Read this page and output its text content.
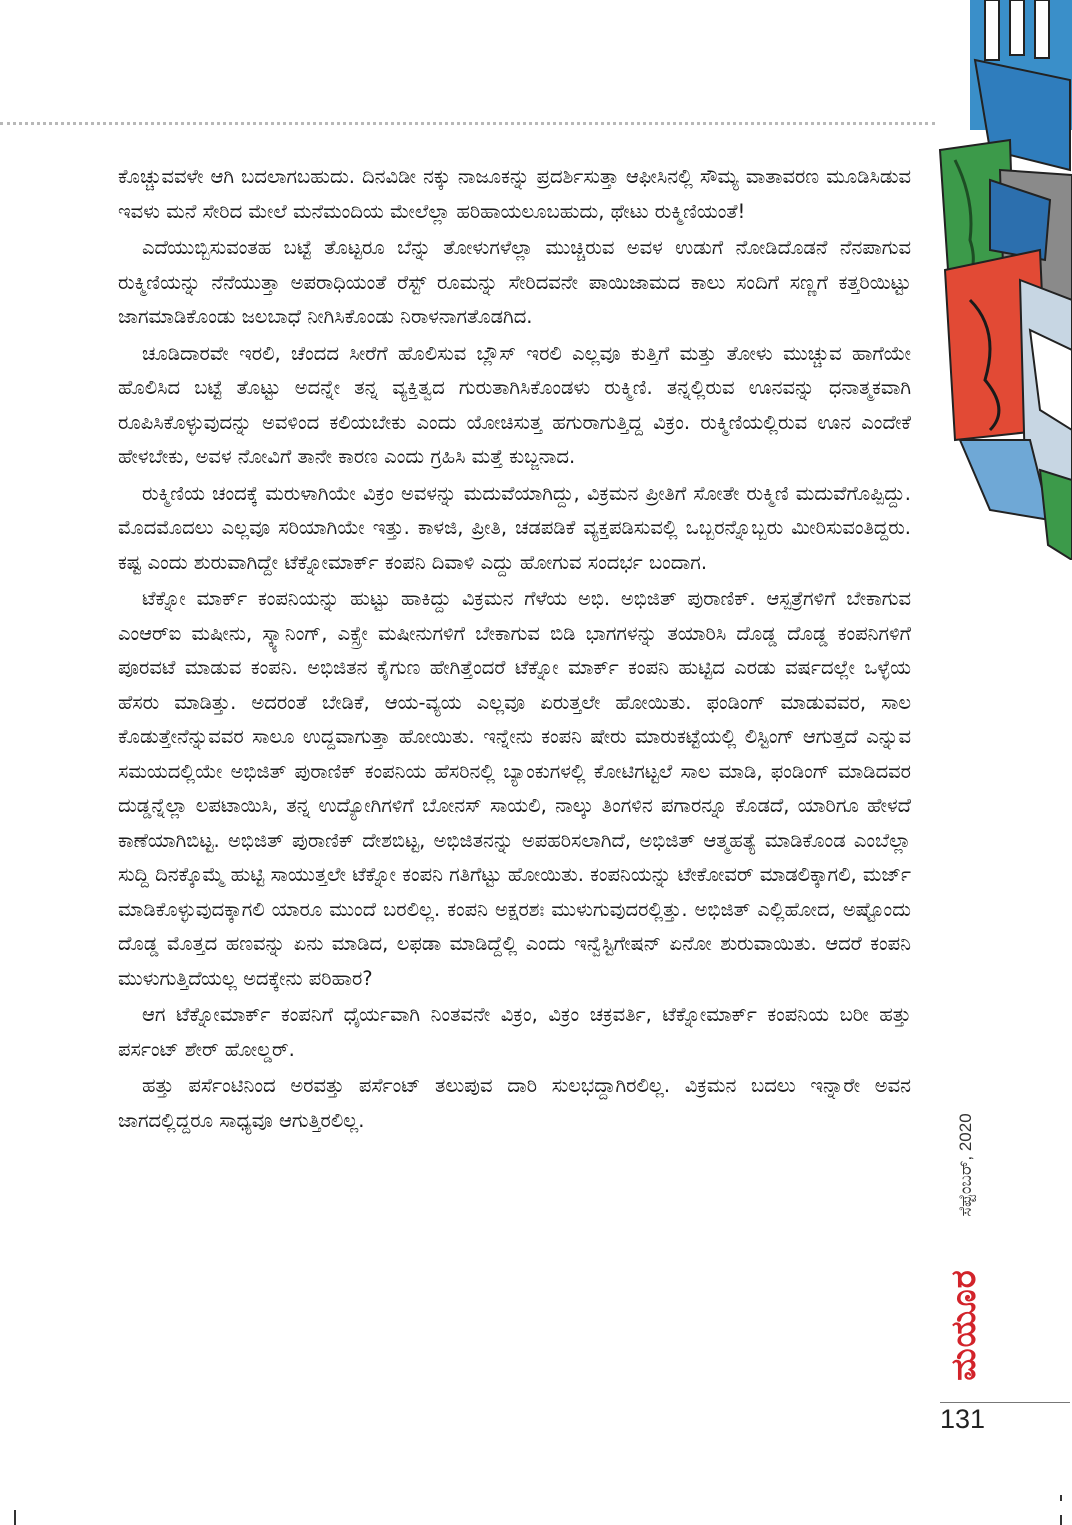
ಕೊಚ್ಚುವವಳೇ ಆಗಿ ಬದಲಾಗಬಹುದು. ದಿನವಿಡೀ ನಕ್ಕು ನಾಜೂಕನ್ನು ಪ್ರದರ್ಶಿಸುತ್ತಾ ಆಫೀಸಿನಲ್ಲಿ ಸೌಮ್ಯ ವಾತಾವರಣ ಮೂಡಿಸಿಡುವ ಇವಳು ಮನೆ ಸೇರಿದ ಮೇಲೆ ಮನೆಮಂದಿಯ ಮೇಲೆಲ್ಲಾ ಹರಿಹಾಯಲೂಬಹುದು, ಥೇಟು ರುಕ್ಮಿಣಿಯಂತೆ!

ಎದೆಯುಬ್ಬಿಸುವಂತಹ ಬಟ್ಟೆ ತೊಟ್ಟರೂ ಬೆನ್ನು ತೋಳುಗಳೆಲ್ಲಾ ಮುಚ್ಚಿರುವ ಅವಳ ಉಡುಗೆ ನೋಡಿದೊಡನೆ ನೆನಪಾಗುವ ರುಕ್ಮಿಣಿಯನ್ನು ನೆನೆಯುತ್ತಾ ಅಪರಾಧಿಯಂತೆ ರೆಸ್ಟ್ ರೂಮನ್ನು ಸೇರಿದವನೇ ಪಾಯಿಜಾಮದ ಕಾಲು ಸಂದಿಗೆ ಸಣ್ಣಗೆ ಕತ್ತರಿಯಿಟ್ಟು ಜಾಗಮಾಡಿಕೊಂಡು ಜಲಬಾಧೆ ನೀಗಿಸಿಕೊಂಡು ನಿರಾಳನಾಗತೊಡಗಿದ.

ಚೂಡಿದಾರವೇ ಇರಲಿ, ಚೆಂದದ ಸೀರೆಗೆ ಹೊಲಿಸುವ ಬ್ಲೌಸ್ ಇರಲಿ ಎಲ್ಲವೂ ಕುತ್ತಿಗೆ ಮತ್ತು ತೋಳು ಮುಚ್ಚುವ ಹಾಗೆಯೇ ಹೊಲಿಸಿದ ಬಟ್ಟೆ ತೊಟ್ಟು ಅದನ್ನೇ ತನ್ನ ವ್ಯಕ್ತಿತ್ವದ ಗುರುತಾಗಿಸಿಕೊಂಡಳು ರುಕ್ಮಿಣಿ. ತನ್ನಲ್ಲಿರುವ ಊನವನ್ನು ಧನಾತ್ಮಕವಾಗಿ ರೂಪಿಸಿಕೊಳ್ಳುವುದನ್ನು ಅವಳಿಂದ ಕಲಿಯಬೇಕು ಎಂದು ಯೋಚಿಸುತ್ತ ಹಗುರಾಗುತ್ತಿದ್ದ ವಿಕ್ರಂ. ರುಕ್ಮಿಣಿಯಲ್ಲಿರುವ ಊನ ಎಂದೇಕೆ ಹೇಳಬೇಕು, ಅವಳ ನೋವಿಗೆ ತಾನೇ ಕಾರಣ ಎಂದು ಗ್ರಹಿಸಿ ಮತ್ತೆ ಕುಬ್ಜನಾದ.

ರುಕ್ಮಿಣಿಯ ಚಂದಕ್ಕೆ ಮರುಳಾಗಿಯೇ ವಿಕ್ರಂ ಅವಳನ್ನು ಮದುವೆಯಾಗಿದ್ದು, ವಿಕ್ರಮನ ಪ್ರೀತಿಗೆ ಸೋತೇ ರುಕ್ಮಿಣಿ ಮದುವೆಗೊಪ್ಪಿದ್ದು. ಮೊದಮೊದಲು ಎಲ್ಲವೂ ಸರಿಯಾಗಿಯೇ ಇತ್ತು. ಕಾಳಜಿ, ಪ್ರೀತಿ, ಚಡಪಡಿಕೆ ವ್ಯಕ್ತಪಡಿಸುವಲ್ಲಿ ಒಬ್ಬರನ್ನೊಬ್ಬರು ಮೀರಿಸುವಂತಿದ್ದರು. ಕಷ್ಟ ಎಂದು ಶುರುವಾಗಿದ್ದೇ ಟೆಕ್ನೋಮಾರ್ಕ್ ಕಂಪನಿ ದಿವಾಳಿ ಎದ್ದು ಹೋಗುವ ಸಂದರ್ಭ ಬಂದಾಗ.

ಟೆಕ್ನೋ ಮಾರ್ಕ್ ಕಂಪನಿಯನ್ನು ಹುಟ್ಟು ಹಾಕಿದ್ದು ವಿಕ್ರಮನ ಗೆಳೆಯ ಅಭಿ. ಅಭಿಜಿತ್ ಪುರಾಣಿಕ್. ಆಸ್ಪತ್ರೆಗಳಿಗೆ ಬೇಕಾಗುವ ಎಂಆರ್‌ಐ ಮಷೀನು, ಸ್ಕ್ಯಾನಿಂಗ್, ಎಕ್ಸ್ರೇ ಮಷೀನುಗಳಿಗೆ ಬೇಕಾಗುವ ಬಿಡಿ ಭಾಗಗಳನ್ನು ತಯಾರಿಸಿ ದೊಡ್ಡ ದೊಡ್ಡ ಕಂಪನಿಗಳಿಗೆ ಪೂರವಟೆ ಮಾಡುವ ಕಂಪನಿ. ಅಭಿಜಿತನ ಕೈಗುಣ ಹೇಗಿತ್ತೆಂದರೆ ಟೆಕ್ನೋ ಮಾರ್ಕ್ ಕಂಪನಿ ಹುಟ್ಟಿದ ಎರಡು ವರ್ಷದಲ್ಲೇ ಒಳ್ಳೆಯ ಹೆಸರು ಮಾಡಿತ್ತು. ಅದರಂತೆ ಬೇಡಿಕೆ, ಆಯ-ವ್ಯಯ ಎಲ್ಲವೂ ಏರುತ್ತಲೇ ಹೋಯಿತು. ಫಂಡಿಂಗ್ ಮಾಡುವವರ, ಸಾಲ ಕೊಡುತ್ತೇನೆನ್ನುವವರ ಸಾಲೂ ಉದ್ದವಾಗುತ್ತಾ ಹೋಯಿತು. ಇನ್ನೇನು ಕಂಪನಿ ಷೇರು ಮಾರುಕಟ್ಟೆಯಲ್ಲಿ ಲಿಸ್ಟಿಂಗ್ ಆಗುತ್ತದೆ ಎನ್ನುವ ಸಮಯದಲ್ಲಿಯೇ ಅಭಿಜಿತ್ ಪುರಾಣಿಕ್ ಕಂಪನಿಯ ಹೆಸರಿನಲ್ಲಿ ಬ್ಯಾಂಕುಗಳಲ್ಲಿ ಕೋಟಿಗಟ್ಟಲೆ ಸಾಲ ಮಾಡಿ, ಫಂಡಿಂಗ್ ಮಾಡಿದವರ ದುಡ್ಡನ್ನೆಲ್ಲಾ ಲಪಟಾಯಿಸಿ, ತನ್ನ ಉದ್ಯೋಗಿಗಳಿಗೆ ಬೋನಸ್ ಸಾಯಲಿ, ನಾಲ್ಕು ತಿಂಗಳಿನ ಪಗಾರನ್ನೂ ಕೊಡದೆ, ಯಾರಿಗೂ ಹೇಳದೆ ಕಾಣೆಯಾಗಿಬಿಟ್ಟ. ಅಭಿಜಿತ್ ಪುರಾಣಿಕ್ ದೇಶಬಿಟ್ಟ, ಅಭಿಜಿತನನ್ನು ಅಪಹರಿಸಲಾಗಿದೆ, ಅಭಿಜಿತ್ ಆತ್ಮಹತ್ಯೆ ಮಾಡಿಕೊಂಡ ಎಂಬೆಲ್ಲಾ ಸುದ್ದಿ ದಿನಕ್ಕೊಮ್ಮೆ ಹುಟ್ಟಿ ಸಾಯುತ್ತಲೇ ಟೆಕ್ನೋ ಕಂಪನಿ ಗತಿಗೆಟ್ಟು ಹೋಯಿತು. ಕಂಪನಿಯನ್ನು ಟೇಕೋವರ್ ಮಾಡಲಿಕ್ಕಾಗಲಿ, ಮರ್ಜ್ ಮಾಡಿಕೊಳ್ಳುವುದಕ್ಕಾಗಲಿ ಯಾರೂ ಮುಂದೆ ಬರಲಿಲ್ಲ. ಕಂಪನಿ ಅಕ್ಷರಶಃ ಮುಳುಗುವುದರಲ್ಲಿತ್ತು. ಅಭಿಜಿತ್ ಎಲ್ಲಿಹೋದ, ಅಷ್ಟೊಂದು ದೊಡ್ಡ ಮೊತ್ತದ ಹಣವನ್ನು ಏನು ಮಾಡಿದ, ಲಫಡಾ ಮಾಡಿದ್ದೆಲ್ಲಿ ಎಂದು ಇನ್ವೆಸ್ಟಿಗೇಷನ್ ಏನೋ ಶುರುವಾಯಿತು. ಆದರೆ ಕಂಪನಿ ಮುಳುಗುತ್ತಿದೆಯಲ್ಲ ಅದಕ್ಕೇನು ಪರಿಹಾರ?

ಆಗ ಟೆಕ್ನೋಮಾರ್ಕ್ ಕಂಪನಿಗೆ ಧೈರ್ಯವಾಗಿ ನಿಂತವನೇ ವಿಕ್ರಂ, ವಿಕ್ರಂ ಚಕ್ರವರ್ತಿ, ಟೆಕ್ನೋಮಾರ್ಕ್ ಕಂಪನಿಯ ಬರೀ ಹತ್ತು ಪರ್ಸಂಟ್ ಶೇರ್ ಹೋಲ್ಡರ್.

ಹತ್ತು ಪರ್ಸೆಂಟಿನಿಂದ ಅರವತ್ತು ಪರ್ಸೆಂಟ್ ತಲುಪುವ ದಾರಿ ಸುಲಭದ್ದಾಗಿರಲಿಲ್ಲ. ವಿಕ್ರಮನ ಬದಲು ಇನ್ನಾರೇ ಅವನ ಜಾಗದಲ್ಲಿದ್ದರೂ ಸಾಧ್ಯವೂ ಆಗುತ್ತಿರಲಿಲ್ಲ.	ಸೆಪ್ಟೆಂಬರ್, 2020
ಮಯೂರ
131
